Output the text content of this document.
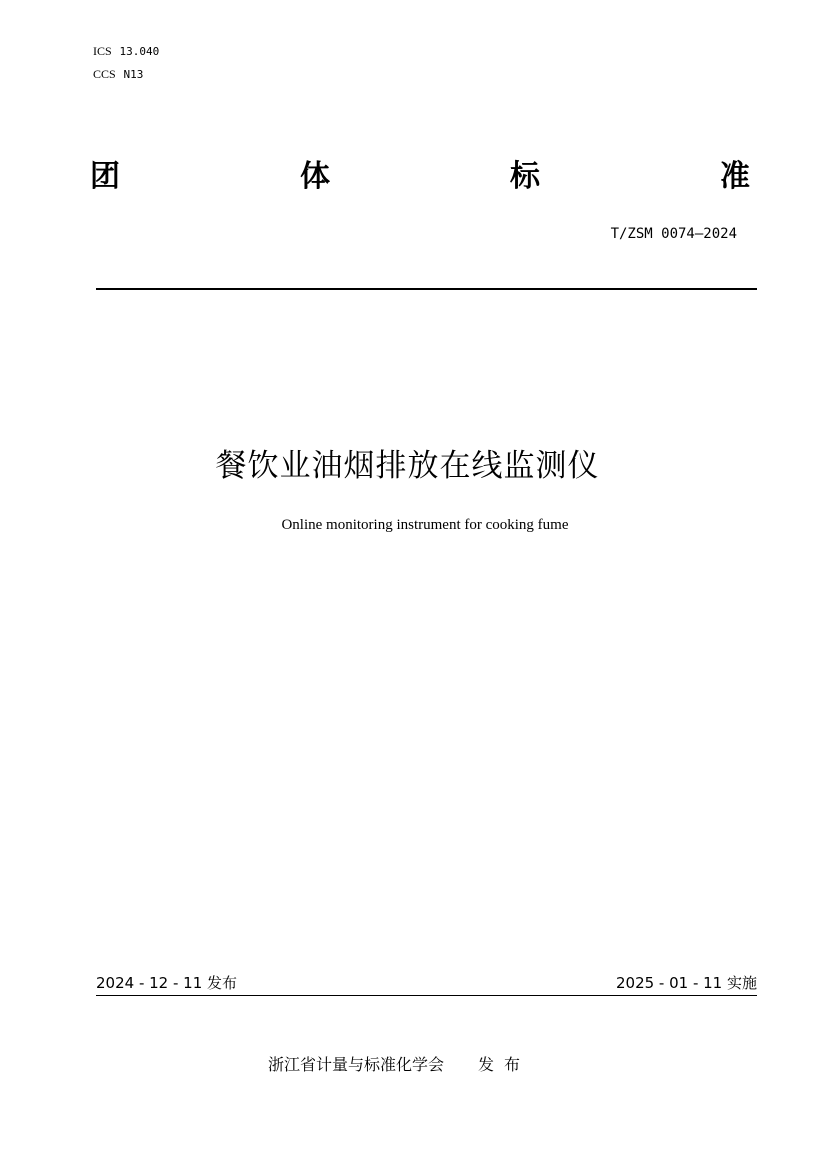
ICS 13.040
CCS N13
团	体	标	准
T/ZSM 0074—2024
餐饮业油烟排放在线监测仪
Online monitoring instrument for cooking fume
2024 - 12 - 11 发布	2025 - 01 - 11 实施
浙江省计量与标准化学会 发布
